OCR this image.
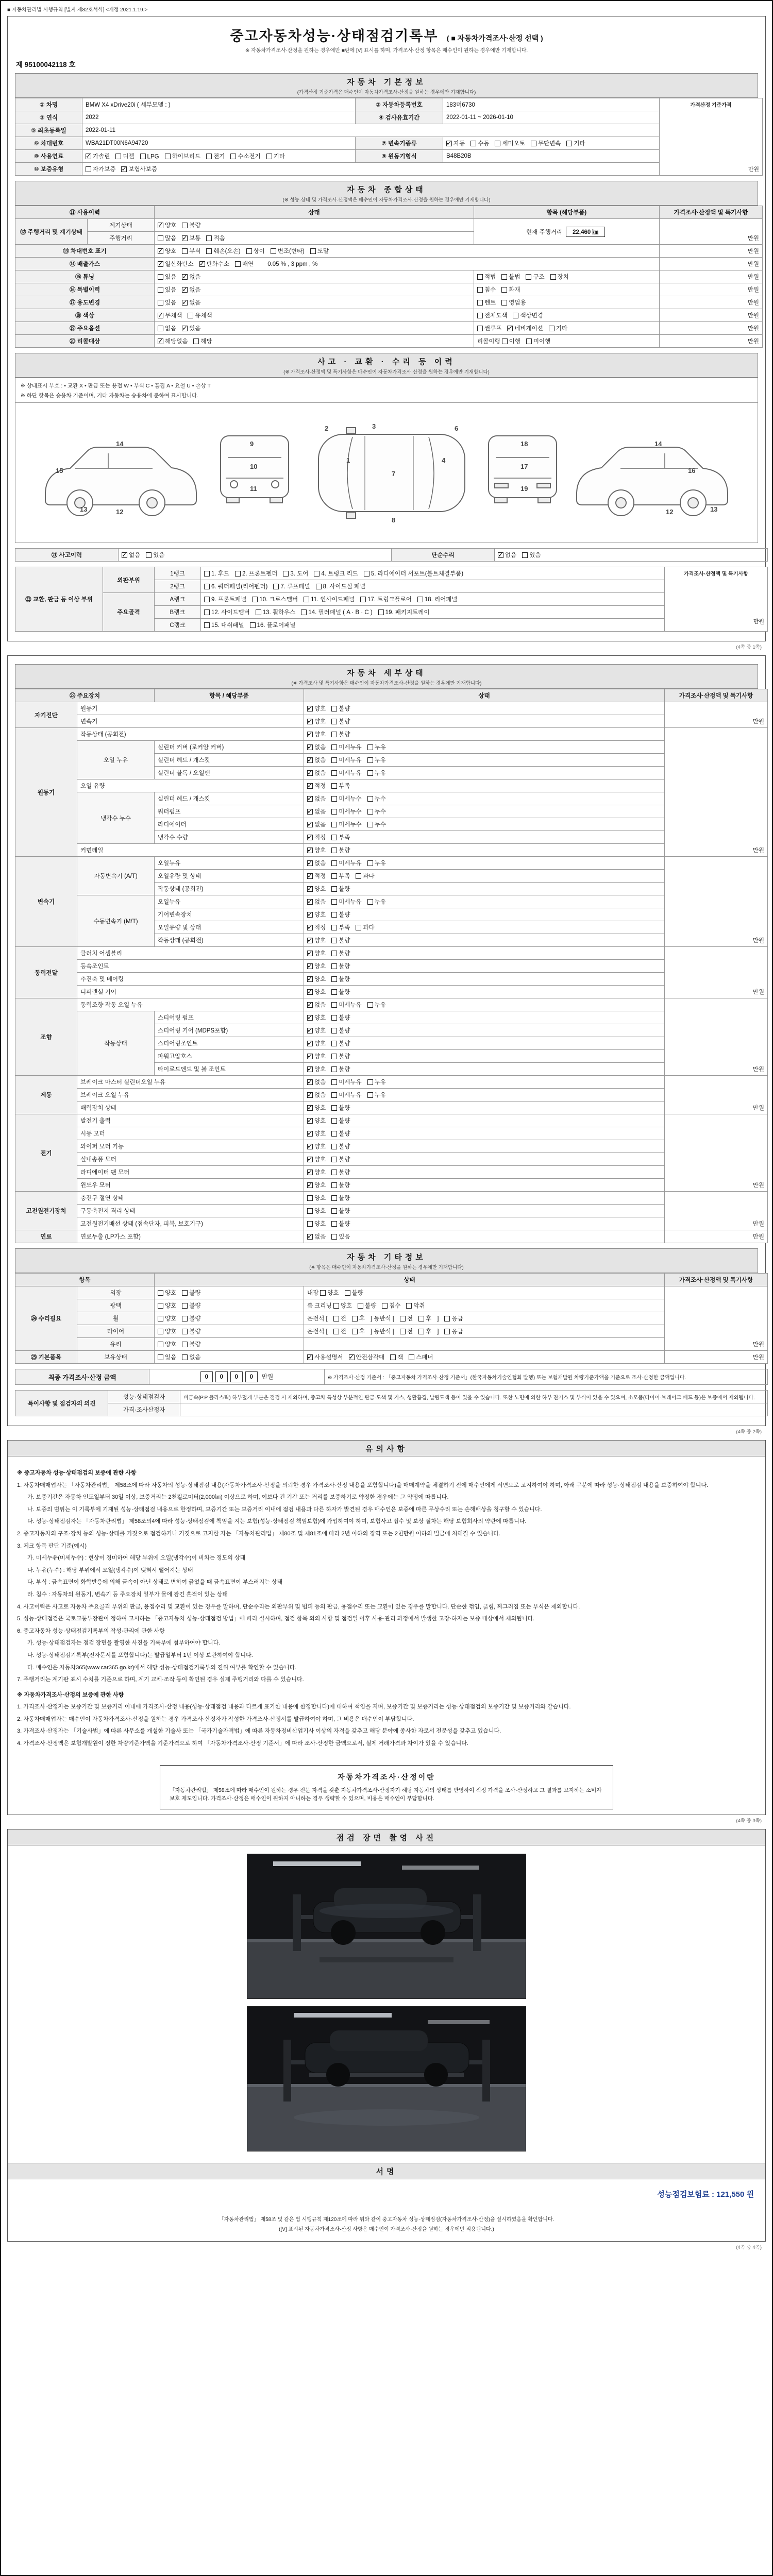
■ 자동차관리법 시행규칙 [별지 제82호서식] <개정 2021.1.19.>
중고자동차성능·상태점검기록부 ( ■ 자동차가격조사·산정 선택 )
※ 자동차가격조사·산정을 원하는 경우에만 ■란에 [V] 표시를 하며, 가격조사·산정 항목은 매수인이 원하는 경우에만 기재합니다.
제 95100042118 호
자동차 기본정보
(가격산정 기준가격은 매수인이 자동차가격조사·산정을 원하는 경우에만 기재합니다)
① 차명	BMW X4 xDrive20i ( 세부모델 : )	② 자동차등록번호	183머6730	가격산정 기준가격
만원

③ 연식	2022	④ 검사유효기간	2022-01-11 ~ 2026-01-10	
⑤ 최초등록일	2022-01-11			
⑥ 차대번호	WBA21DT00N6A94720	⑦ 변속기종류	✓자동 수동 세미오토 무단변속 기타
⑧ 사용연료	✓가솔린 디젤 LPG 하이브리드 전기 수소전기 기타	⑨ 원동기형식	B48B20B	
⑩ 보증유형	자가보증 ✓ 보험사보증
자동차 종합상태
(※ 성능·상태 및 가격조사·산정액은 매수인이 자동차가격조사·산정을 원하는 경우에만 기재합니다)
⑪ 사용이력		상태	항목 (해당부품)	가격조사·산정액 및 특기사항
⑫ 주행거리 및 계기상태	계기상태	✓양호 불량	현재 주행거리 22,460 ㎞	만원
	주행거리	많음 ✓ 보통 적음
⑬ 차대번호 표기	✓양호 부식 훼손(오손) 상이 변조(변타) 도말		만원
⑭ 배출가스	✓일산화탄소 ✓ 탄화수소 매연 0.05 % , 3 ppm , %		만원
⑮ 튜닝		있음 ✓ 없음	적법 불법 구조 장치	만원
⑯ 특별이력		있음 ✓ 없음	침수 화재	만원
⑰ 용도변경		있음 ✓ 없음	렌트 영업용	만원
⑱ 색상	✓무채색 유채색	전체도색 색상변경	만원
⑲ 주요옵션		없음 ✓ 있음	썬루프 ✓ 네비게이션 기타	만원
⑳ 리콜대상	✓해당없음 해당	리콜이행 이행 미이행	만원
사고 · 교환 · 수리 등 이력
(※ 가격조사·산정액 및 특기사항은 매수인이 자동차가격조사·산정을 원하는 경우에만 기재합니다)
※ 상태표시 부호 : • 교환 X • 판금 또는 용접 W • 부식 C • 흠집 A • 요철 U • 손상 T
※ 하단 항목은 승용차 기준이며, 기타 자동차는 승용차에 준하여 표시합니다.
15
14
13	12
9
10
11
2	3	6
1
7
4
8
18
17
19
14
16
13
12
㉑ 사고이력	✓없음 있음	단순수리	✓없음 있음
㉒ 교환, 판금 등 이상 부위	외판부위	1랭크	1. 후드 2. 프론트펜더 3. 도어 4. 트렁크 리드 5. 라디에이터 서포트(볼트체결부품)	가격조사·산정액 및 특기사항
만원

		2랭크	6. 쿼터패널(리어펜더) 7. 루프패널 8. 사이드실 패널	
	주요골격	A랭크	9. 프론트패널 10. 크로스멤버 11. 인사이드패널 17. 트렁크플로어 18. 리어패널	
		B랭크	12. 사이드멤버 13. 휠하우스 14. 필러패널 ( A · B · C ) 19. 패키지트레이	
		C랭크	15. 대쉬패널 16. 플로어패널	
(4쪽 중 1쪽)
자동차 세부상태
(※ 가격조사 및 특기사항은 매수인이 자동차가격조사·산정을 원하는 경우에만 기재합니다)
㉓ 주요장치		항목 / 해당부품	상태	가격조사·산정액 및 특기사항
자기진단	원동기	✓양호 불량	만원
	변속기	✓양호 불량
원동기	작동상태 (공회전)	✓양호 불량	만원
	오일 누유	실린더 커버 (로커암 커버)	✓없음 미세누유 누유
		실린더 헤드 / 개스킷	✓없음 미세누유 누유
		실린더 블록 / 오일팬	✓없음 미세누유 누유
	오일 유량	✓적정 부족
	냉각수 누수	실린더 헤드 / 개스킷	✓없음 미세누수 누수
		워터펌프	✓없음 미세누수 누수
		라디에이터	✓없음 미세누수 누수
		냉각수 수량	✓적정 부족
	커먼레일	✓양호 불량
변속기	자동변속기 (A/T)	오일누유	✓없음 미세누유 누유	만원
		오일유량 및 상태	✓적정 부족 과다
		작동상태 (공회전)	✓양호 불량
	수동변속기 (M/T)	오일누유	✓없음 미세누유 누유
		기어변속장치	✓양호 불량
		오일유량 및 상태	✓적정 부족 과다
		작동상태 (공회전)	✓양호 불량
동력전달	클러치 어셈블리	✓양호 불량	만원
	등속조인트	✓양호 불량
	추진축 및 베어링	✓양호 불량
	디퍼렌셜 기어	✓양호 불량
조향	동력조향 작동 오일 누유	✓없음 미세누유 누유	만원
	작동상태	스티어링 펌프	✓양호 불량
		스티어링 기어 (MDPS포함)	✓양호 불량
		스티어링조인트	✓양호 불량
		파워고압호스	✓양호 불량
		타이로드엔드 및 볼 조인트	✓양호 불량
제동	브레이크 마스터 실린더오일 누유	✓없음 미세누유 누유	만원
	브레이크 오일 누유	✓없음 미세누유 누유
	배력장치 상태	✓양호 불량
전기	발전기 출력	✓양호 불량	만원
	시동 모터	✓양호 불량
	와이퍼 모터 기능	✓양호 불량
	실내송풍 모터	✓양호 불량
	라디에이터 팬 모터	✓양호 불량
	윈도우 모터	✓양호 불량
고전원전기장치	충전구 절연 상태		양호 불량	만원
	구동축전지 격리 상태		양호 불량	
	고전원전기배선 상태 (접속단자, 피복, 보호기구)		양호 불량	
연료	연료누출 (LP가스 포함)	✓없음 있음	만원
자동차 기타정보
(※ 항목은 매수인이 자동차가격조사·산정을 원하는 경우에만 기재합니다)
항목		상태		가격조사·산정액 및 특기사항
㉔ 수리필요	외장	양호 불량	내장 양호 불량	만원
	광택	양호 불량	룸 크리닝 양호 불량 침수 악취	
	휠	양호 불량	운전석 [ 전 후 ] 동반석 [ 전 후 ] 응급	
	타이어	양호 불량	운전석 [ 전 후 ] 동반석 [ 전 후 ] 응급	
	유리	양호 불량		
㉕ 기본품목	보유상태	있음 없음	✓사용설명서 ✓ 안전삼각대 잭 스패너	만원
최종 가격조사·산정 금액	0 0 0 0 만원	※ 가격조사·산정 기준서 : 「중고자동차 가격조사·산정 기준서」(한국자동차기술인협회 발행) 또는 보험개발원 차량기준가액을 기준으로 조사·산정한 금액입니다.
특이사항 및 점검자의 의견	성능·상태점검자	비금속(P.P 플라스틱) 하부덮개 부분은 점검 시 제외하며, 중고차 특성상 부분적인 판금·도색 및 기스, 생활흠집, 날림도색 등이 있을 수 있습니다. 또한 노면에 의한 하부 잔기스 및 부식이 있을 수 있으며, 소모품(타이어·브레이크 패드 등)은 보증에서 제외됩니다.
	가격·조사산정자	
(4쪽 중 2쪽)
유의사항
※ 중고자동차 성능·상태점검의 보증에 관한 사항
1. 자동차매매업자는 「자동차관리법」 제58조에 따라 자동차의 성능·상태점검 내용(자동차가격조사·산정을 의뢰한 경우 가격조사·산정 내용을 포함합니다)을 매매계약을 체결하기 전에 매수인에게 서면으로 고지하여야 하며, 아래 구분에 따라 성능·상태점검 내용을 보증하여야 합니다.
가. 보증기간은 자동차 인도일부터 30일 이상, 보증거리는 2천킬로미터(2,000㎞) 이상으로 하며, 이보다 긴 기간 또는 거리를 보증하기로 약정한 경우에는 그 약정에 따릅니다.
나. 보증의 범위는 이 기록부에 기재된 성능·상태점검 내용으로 한정하며, 보증기간 또는 보증거리 이내에 점검 내용과 다른 하자가 발견된 경우 매수인은 보증에 따른 무상수리 또는 손해배상을 청구할 수 있습니다.
다. 성능·상태점검자는 「자동차관리법」 제58조의4에 따라 성능·상태점검에 책임을 지는 보험(성능·상태점검 책임보험)에 가입하여야 하며, 보험사고 접수 및 보상 절차는 해당 보험회사의 약관에 따릅니다.
2. 중고자동차의 구조·장치 등의 성능·상태를 거짓으로 점검하거나 거짓으로 고지한 자는 「자동차관리법」 제80조 및 제81조에 따라 2년 이하의 징역 또는 2천만원 이하의 벌금에 처해질 수 있습니다.
3. 체크 항목 판단 기준(예시)
가. 미세누유(미세누수) : 현상이 경미하여 해당 부위에 오일(냉각수)이 비치는 정도의 상태
나. 누유(누수) : 해당 부위에서 오일(냉각수)이 맺혀서 떨어지는 상태
다. 부식 : 금속표면이 화학반응에 의해 금속이 아닌 상태로 변하여 긁었을 때 금속표면이 부스러지는 상태
라. 침수 : 자동차의 원동기, 변속기 등 주요장치 일부가 물에 잠긴 흔적이 있는 상태
4. 사고이력은 사고로 자동차 주요골격 부위의 판금, 용접수리 및 교환이 있는 경우를 말하며, 단순수리는 외판부위 및 범퍼 등의 판금, 용접수리 또는 교환이 있는 경우를 말합니다. 단순한 꺾임, 긁힘, 찌그러짐 또는 부식은 제외합니다.
5. 성능·상태점검은 국토교통부장관이 정하여 고시하는 「중고자동차 성능·상태점검 방법」에 따라 실시하며, 점검 항목 외의 사항 및 점검일 이후 사용·관리 과정에서 발생한 고장·하자는 보증 대상에서 제외됩니다.
6. 중고자동차 성능·상태점검기록부의 작성·관리에 관한 사항
가. 성능·상태점검자는 점검 장면을 촬영한 사진을 기록부에 첨부하여야 합니다.
나. 성능·상태점검기록부(전자문서를 포함합니다)는 발급일부터 1년 이상 보관하여야 합니다.
다. 매수인은 자동차365(www.car365.go.kr)에서 해당 성능·상태점검기록부의 진위 여부를 확인할 수 있습니다.
7. 주행거리는 계기판 표시 수치를 기준으로 하며, 계기 교체·조작 등이 확인된 경우 실제 주행거리와 다를 수 있습니다.
※ 자동차가격조사·산정의 보증에 관한 사항
1. 가격조사·산정자는 보증기간 및 보증거리 이내에 가격조사·산정 내용(성능·상태점검 내용과 다르게 표기한 내용에 한정합니다)에 대하여 책임을 지며, 보증기간 및 보증거리는 성능·상태점검의 보증기간 및 보증거리와 같습니다.
2. 자동차매매업자는 매수인이 자동차가격조사·산정을 원하는 경우 가격조사·산정자가 작성한 가격조사·산정서를 발급하여야 하며, 그 비용은 매수인이 부담합니다.
3. 가격조사·산정자는 「기술사법」에 따른 사무소를 개설한 기술사 또는 「국가기술자격법」에 따른 자동차정비산업기사 이상의 자격을 갖추고 해당 분야에 종사한 자로서 전문성을 갖추고 있습니다.
4. 가격조사·산정액은 보험개발원이 정한 차량기준가액을 기준가격으로 하여 「자동차가격조사·산정 기준서」에 따라 조사·산정한 금액으로서, 실제 거래가격과 차이가 있을 수 있습니다.
자동차가격조사·산정이란
「자동차관리법」 제58조에 따라 매수인이 원하는 경우 전문 자격을 갖춘 자동차가격조사·산정자가 해당 자동차의 상태를 반영하여 적정 가격을 조사·산정하고 그 결과를 고지하는 소비자 보호 제도입니다. 가격조사·산정은 매수인이 원하지 아니하는 경우 생략할 수 있으며, 비용은 매수인이 부담합니다.
(4쪽 중 3쪽)
점검 장면 촬영 사진
서명
성능점검보험료 : 121,550 원
「자동차관리법」 제58조 및 같은 법 시행규칙 제120조에 따라 위와 같이 중고자동차 성능·상태점검(자동차가격조사·산정)을 실시하였음을 확인합니다.
([V] 표시된 자동차가격조사·산정 사항은 매수인이 가격조사·산정을 원하는 경우에만 적용됩니다.)
(4쪽 중 4쪽)
